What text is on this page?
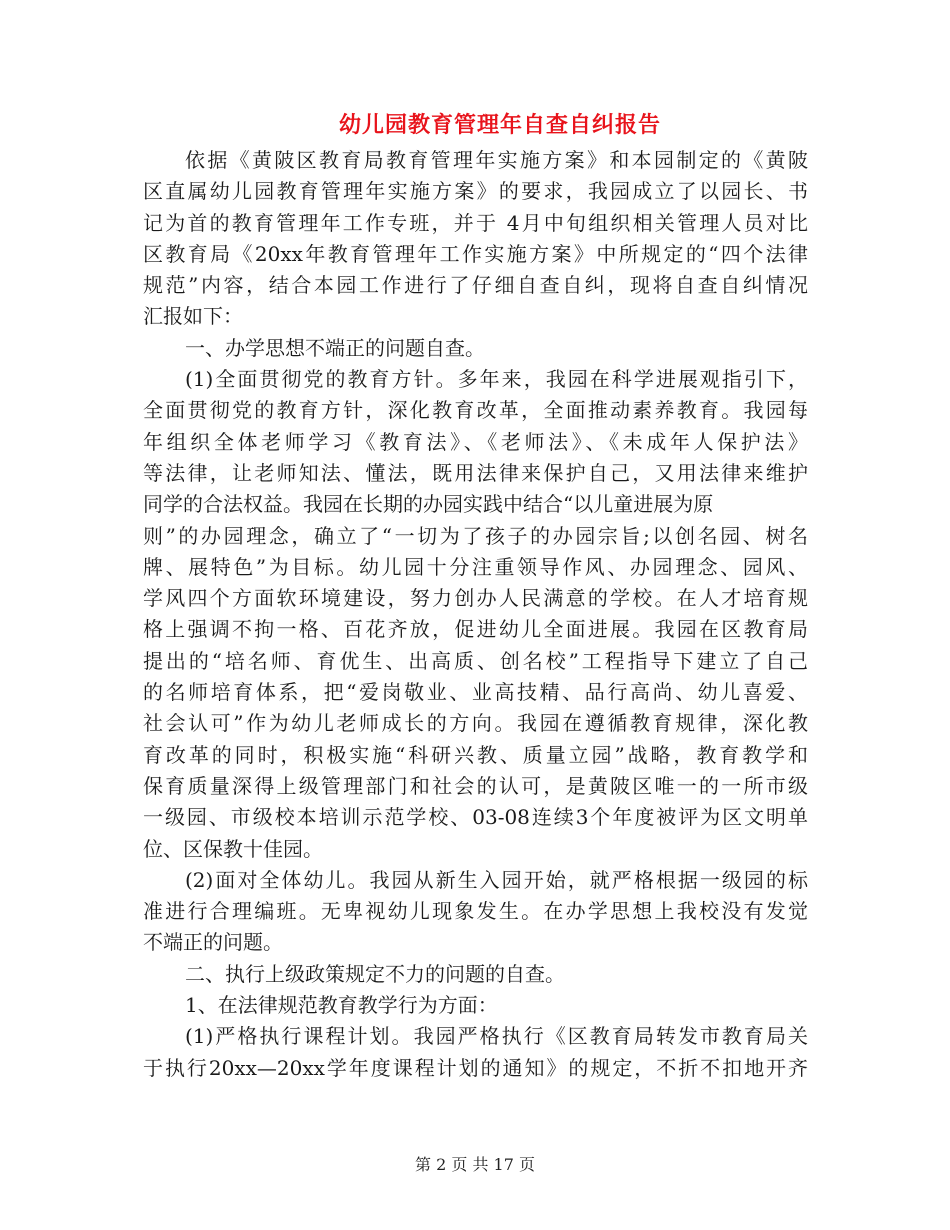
幼儿园教育管理年自查自纠报告
依据《黄陂区教育局教育管理年实施方案》和本园制定的《黄陂
区直属幼儿园教育管理年实施方案》的要求，我园成立了以园长、书
记为首的教育管理年工作专班，并于 4月中旬组织相关管理人员对比
区教育局《20xx年教育管理年工作实施方案》中所规定的“四个法律
规范”内容，结合本园工作进行了仔细自查自纠，现将自查自纠情况
汇报如下：
一、办学思想不端正的问题自查。
(1)全面贯彻党的教育方针。多年来，我园在科学进展观指引下，
全面贯彻党的教育方针，深化教育改革，全面推动素养教育。我园每
年组织全体老师学习《教育法》、《老师法》、《未成年人保护法》
等法律，让老师知法、懂法，既用法律来保护自己，又用法律来维护
同学的合法权益。我园在长期的办园实践中结合“以儿童进展为原
则”的办园理念，确立了“一切为了孩子的办园宗旨;以创名园、树名
牌、展特色”为目标。幼儿园十分注重领导作风、办园理念、园风、
学风四个方面软环境建设，努力创办人民满意的学校。在人才培育规
格上强调不拘一格、百花齐放，促进幼儿全面进展。我园在区教育局
提出的“培名师、育优生、出高质、创名校”工程指导下建立了自己
的名师培育体系，把“爱岗敬业、业高技精、品行高尚、幼儿喜爱、
社会认可”作为幼儿老师成长的方向。我园在遵循教育规律，深化教
育改革的同时，积极实施“科研兴教、质量立园”战略，教育教学和
保育质量深得上级管理部门和社会的认可，是黄陂区唯一的一所市级
一级园、市级校本培训示范学校、03-08连续3个年度被评为区文明单
位、区保教十佳园。
(2)面对全体幼儿。我园从新生入园开始，就严格根据一级园的标
准进行合理编班。无卑视幼儿现象发生。在办学思想上我校没有发觉
不端正的问题。
二、执行上级政策规定不力的问题的自查。
1、在法律规范教育教学行为方面：
(1)严格执行课程计划。我园严格执行《区教育局转发市教育局关
于执行20xx—20xx学年度课程计划的通知》的规定，不折不扣地开齐
第 2 页 共 17 页
